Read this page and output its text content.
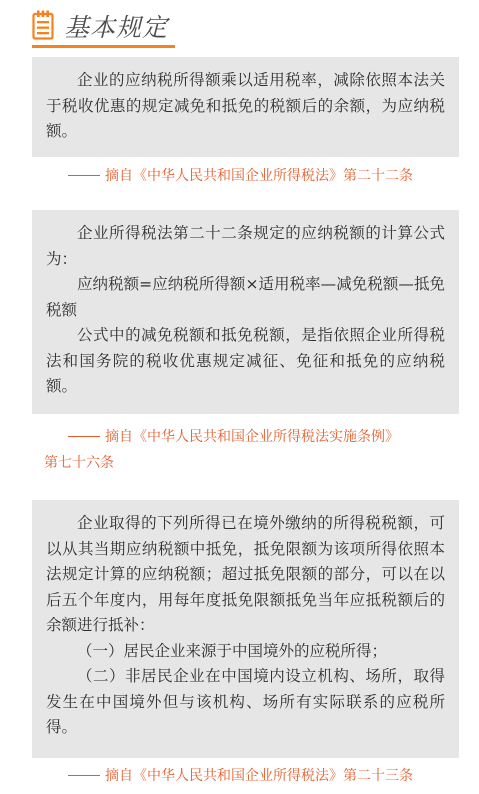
基本规定

企业的应纳税所得额乘以适用税率，减除依照本法关于税收优惠的规定减免和抵免的税额后的余额，为应纳税额。

摘自《中华人民共和国企业所得税法》第二十二条

企业所得税法第二十二条规定的应纳税额的计算公式为：

应纳税额=应纳税所得额×适用税率—减免税额—抵免税额

公式中的减免税额和抵免税额，是指依照企业所得税法和国务院的税收优惠规定减征、免征和抵免的应纳税额。

摘自《中华人民共和国企业所得税法实施条例》
第七十六条

企业取得的下列所得已在境外缴纳的所得税税额，可以从其当期应纳税额中抵免，抵免限额为该项所得依照本法规定计算的应纳税额；超过抵免限额的部分，可以在以后五个年度内，用每年度抵免限额抵免当年应抵税额后的余额进行抵补：

（一）居民企业来源于中国境外的应税所得；

（二）非居民企业在中国境内设立机构、场所，取得发生在中国境外但与该机构、场所有实际联系的应税所得。

摘自《中华人民共和国企业所得税法》第二十三条
